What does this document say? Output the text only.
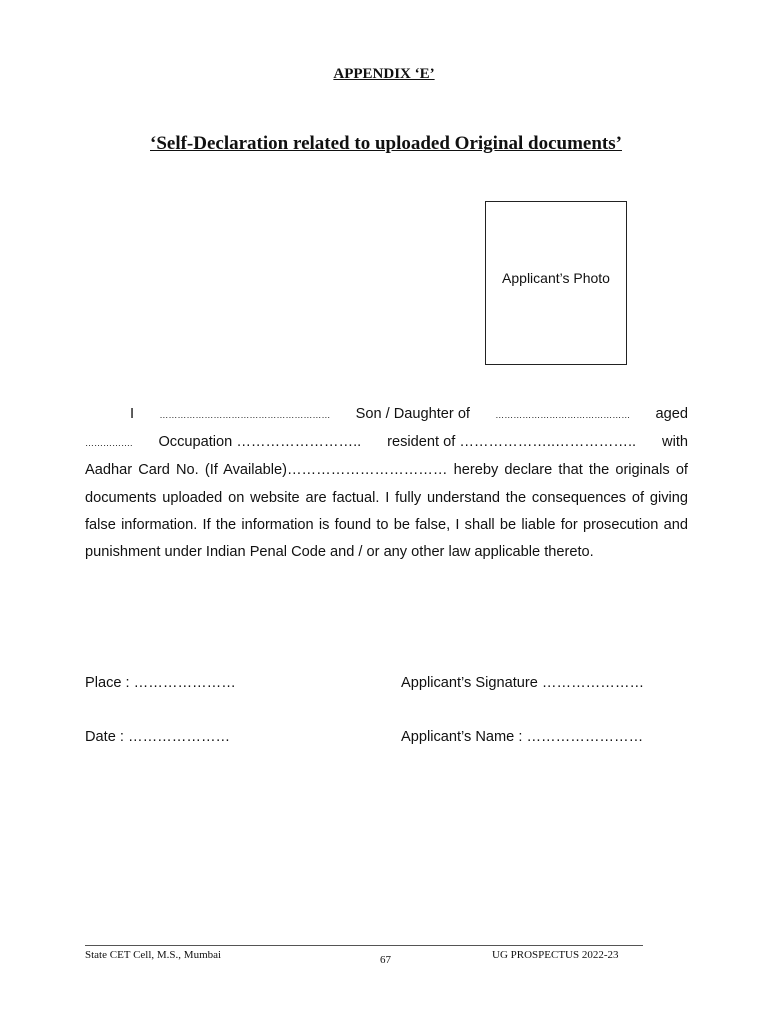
APPENDIX ‘E’
‘Self-Declaration related to uploaded Original documents’
Applicant’s Photo
I	………………………………………………… Son / Daughter of	……………………………………… aged
……………. Occupation …………………….. resident of ………………..…………….. with
Aadhar Card No. (If Available)…………………………… hereby declare that the originals of documents uploaded on website are factual. I fully understand the consequences of giving false information. If the information is found to be false, I shall be liable for prosecution and punishment under Indian Penal Code and / or any other law applicable thereto.
Place : …………………	Applicant’s Signature …………………
Date : …………………	Applicant’s Name : ……………………
State CET Cell, M.S., Mumbai	67	UG PROSPECTUS 2022-23
